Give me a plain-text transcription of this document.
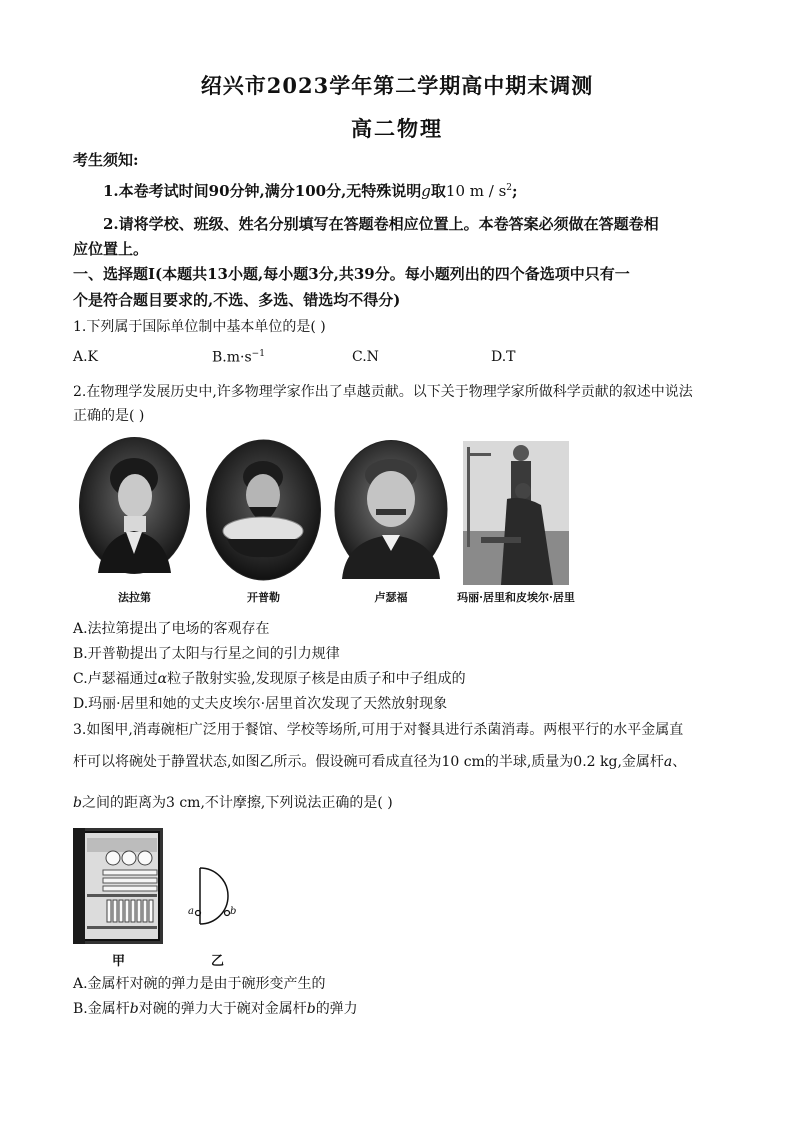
绍兴市2023学年第二学期高中期末调测
高二物理
考生须知:
1.本卷考试时间90分钟,满分100分,无特殊说明g取10 m / $s^2$;
2.请将学校、班级、姓名分别填写在答题卷相应位置上。本卷答案必须做在答题卷相
应位置上。
一、选择题Ⅰ(本题共13小题,每小题3分,共39分。每小题列出的四个备选项中只有一
个是符合题目要求的,不选、多选、错选均不得分)
1.下列属于国际单位制中基本单位的是( )
A.K	$B.m\cdot s^{-1}$	C.N	D.T
2.在物理学发展历史中,许多物理学家作出了卓越贡献。以下关于物理学家所做科学贡献的叙述中说法
正确的是( )
法拉第	开普勒	卢瑟福	玛丽·居里和皮埃尔·居里
A.法拉第提出了电场的客观存在
B.开普勒提出了太阳与行星之间的引力规律
C.卢瑟福通过α粒子散射实验,发现原子核是由质子和中子组成的
D.玛丽·居里和她的丈夫皮埃尔·居里首次发现了天然放射现象
3.如图甲,消毒碗柜广泛用于餐馆、学校等场所,可用于对餐具进行杀菌消毒。两根平行的水平金属直
杆可以将碗处于静置状态,如图乙所示。假设碗可看成直径为10 cm的半球,质量为0.2 kg,金属杆a、
b之间的距离为3 cm,不计摩擦,下列说法正确的是( )
a	b
甲	乙
A.金属杆对碗的弹力是由于碗形变产生的
B.金属杆b对碗的弹力大于碗对金属杆b的弹力
